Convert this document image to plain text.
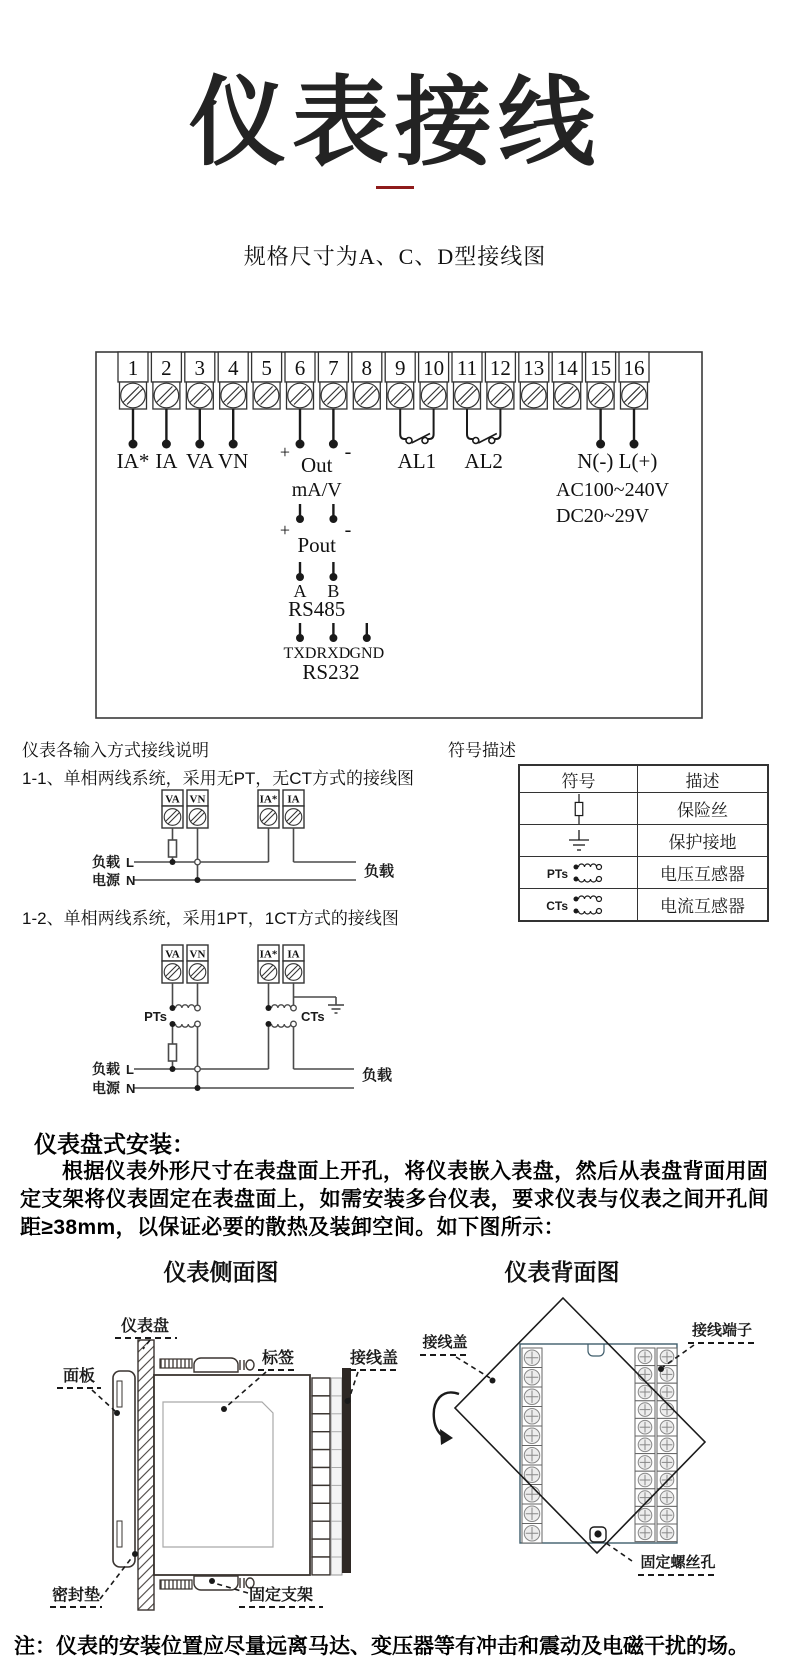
仪表接线
规格尺寸为A、C、D型接线图
1 2 3 4 5 6 7 8 9 10 11 12 13 14 15 16
IA* IA VA VN +	-
Out
mA/V
+	-
Pout
A B
RS485
TXD RXD GND
RS232
AL1 AL2	N(-) L(+)
AC100~240V
DC20~29V
仪表各输入方式接线说明	符号描述
1-1、单相两线系统，采用无PT，无CT方式的接线图
1-2、单相两线系统，采用1PT，1CT方式的接线图
VA VN	IA* IA
负载 L
电源 N
负载
VA VN	IA* IA
PTs	CTs
负载 L
电源 N
负载
符号	描述
保险丝
保护接地
PTs	电压互感器
CTs	电流互感器
仪表盘式安装：
根据仪表外形尺寸在表盘面上开孔，将仪表嵌入表盘，然后从表盘背面用固定支架将仪表固定在表盘面上，如需安装多台仪表，要求仪表与仪表之间开孔间距≥38mm，以保证必要的散热及装卸空间。如下图所示：
仪表侧面图	仪表背面图
仪表盘
面板
标签	接线盖
密封垫	固定支架
接线盖
接线端子
固定螺丝孔
注：仪表的安装位置应尽量远离马达、变压器等有冲击和震动及电磁干扰的场。
